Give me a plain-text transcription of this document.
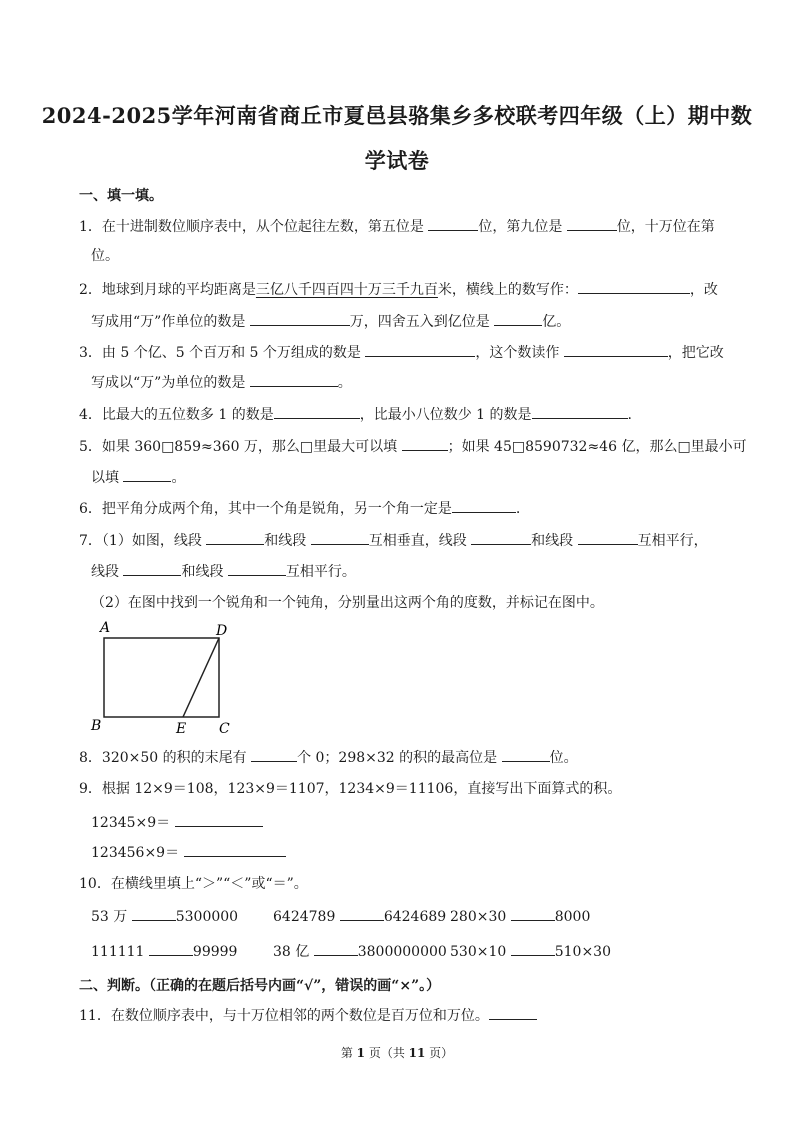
2024-2025学年河南省商丘市夏邑县骆集乡多校联考四年级（上）期中数
学试卷
一、填一填。
1．在十进制数位顺序表中，从个位起往左数，第五位是	位，第九位是	位，十万位在第
位。
2．地球到月球的平均距离是三亿八千四百四十万三千九百米，横线上的数写作：	，改
写成用“万”作单位的数是	万，四舍五入到亿位是	亿。
3．由 5 个亿、5 个百万和 5 个万组成的数是	，这个数读作	，把它改
写成以“万”为单位的数是	。
4．比最大的五位数多 1 的数是	，比最小八位数少 1 的数是	.
5．如果 360□859≈360 万，那么□里最大可以填	；如果 45□8590732≈46 亿，那么□里最小可
以填	。
6．把平角分成两个角，其中一个角是锐角，另一个角一定是	.
7．（1）如图，线段	和线段	互相垂直，线段	和线段	互相平行，
线段	和线段	互相平行。
（2）在图中找到一个锐角和一个钝角，分别量出这两个角的度数，并标记在图中。
A	D
B	E C
8．320×50 的积的末尾有	个 0；298×32 的积的最高位是	位。
9．根据 12×9＝108，123×9＝1107，1234×9＝11106，直接写出下面算式的积。
12345×9＝
123456×9＝
10．在横线里填上“＞”“＜”或“＝”。
53 万	5300000 6424789	6424689 280×30	8000
111111	99999	38 亿	3800000000 530×10	510×30
二、判断。（正确的在题后括号内画“√”，错误的画“×”。）
11．在数位顺序表中，与十万位相邻的两个数位是百万位和万位。
第 1 页（共 11 页）
